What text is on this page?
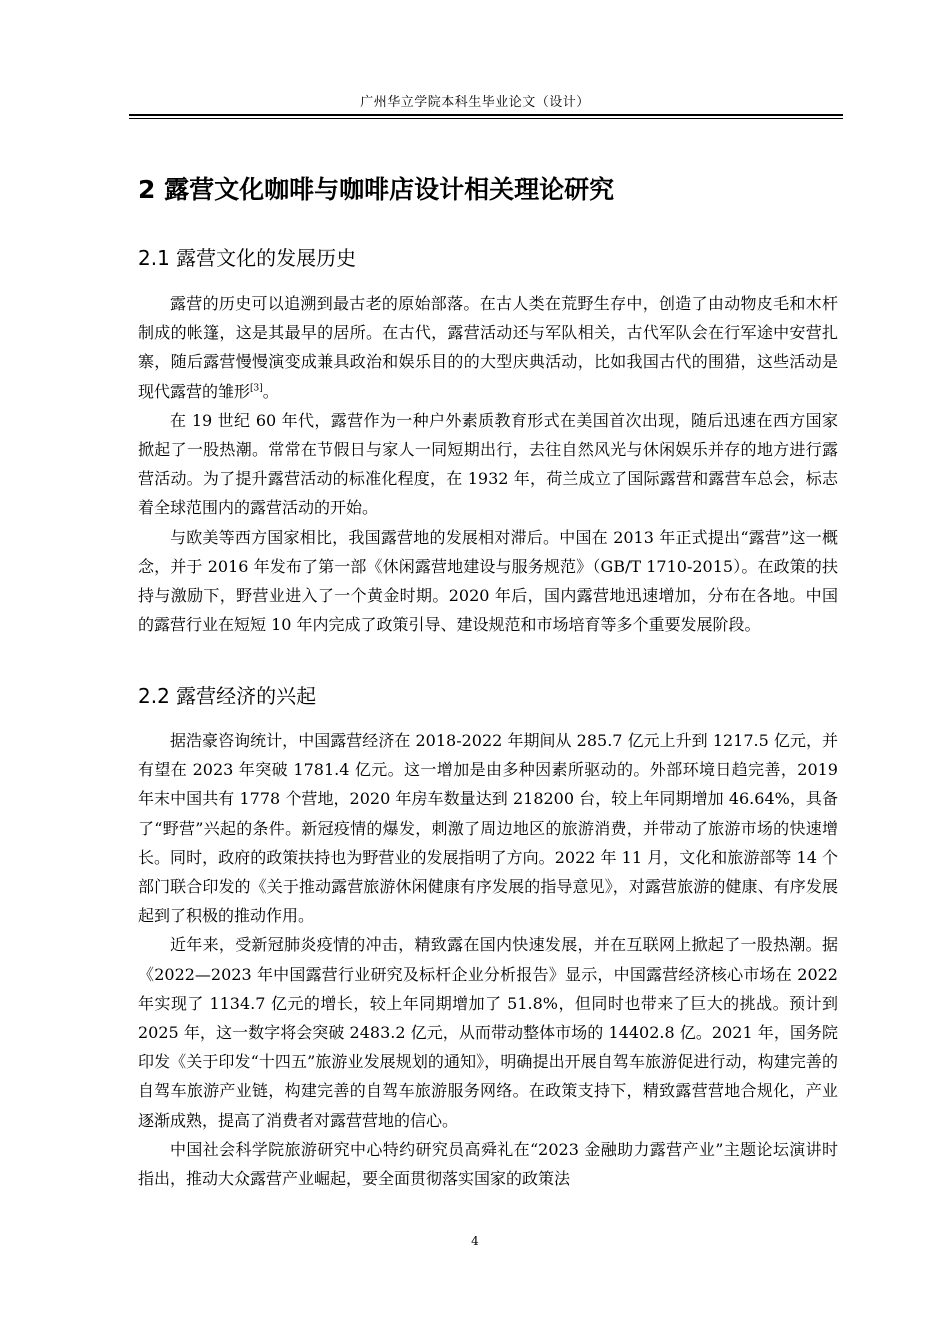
广州华立学院本科生毕业论文（设计）
2 露营文化咖啡与咖啡店设计相关理论研究
2.1 露营文化的发展历史

露营的历史可以追溯到最古老的原始部落。在古人类在荒野生存中，创造了由动物皮毛和木杆制成的帐篷，这是其最早的居所。在古代，露营活动还与军队相关，古代军队会在行军途中安营扎寨，随后露营慢慢演变成兼具政治和娱乐目的的大型庆典活动，比如我国古代的围猎，这些活动是现代露营的雏形[3]。

在 19 世纪 60 年代，露营作为一种户外素质教育形式在美国首次出现，随后迅速在西方国家掀起了一股热潮。常常在节假日与家人一同短期出行，去往自然风光与休闲娱乐并存的地方进行露营活动。为了提升露营活动的标准化程度，在 1932 年，荷兰成立了国际露营和露营车总会，标志着全球范围内的露营活动的开始。

与欧美等西方国家相比，我国露营地的发展相对滞后。中国在 2013 年正式提出“露营”这一概念，并于 2016 年发布了第一部《休闲露营地建设与服务规范》（GB/T 1710-2015）。在政策的扶持与激励下，野营业进入了一个黄金时期。2020 年后，国内露营地迅速增加，分布在各地。中国的露营行业在短短 10 年内完成了政策引导、建设规范和市场培育等多个重要发展阶段。

2.2 露营经济的兴起

据浩豪咨询统计，中国露营经济在 2018-2022 年期间从 285.7 亿元上升到 1217.5 亿元，并有望在 2023 年突破 1781.4 亿元。这一增加是由多种因素所驱动的。外部环境日趋完善，2019 年末中国共有 1778 个营地，2020 年房车数量达到 218200 台，较上年同期增加 46.64%，具备了“野营”兴起的条件。新冠疫情的爆发，刺激了周边地区的旅游消费，并带动了旅游市场的快速增长。同时，政府的政策扶持也为野营业的发展指明了方向。2022 年 11 月，文化和旅游部等 14 个部门联合印发的《关于推动露营旅游休闲健康有序发展的指导意见》，对露营旅游的健康、有序发展起到了积极的推动作用。

近年来，受新冠肺炎疫情的冲击，精致露在国内快速发展，并在互联网上掀起了一股热潮。据《2022—2023 年中国露营行业研究及标杆企业分析报告》显示，中国露营经济核心市场在 2022 年实现了 1134.7 亿元的增长，较上年同期增加了 51.8%，但同时也带来了巨大的挑战。预计到 2025 年，这一数字将会突破 2483.2 亿元，从而带动整体市场的 14402.8 亿。2021 年，国务院印发《关于印发“十四五”旅游业发展规划的通知》，明确提出开展自驾车旅游促进行动，构建完善的自驾车旅游产业链，构建完善的自驾车旅游服务网络。在政策支持下，精致露营营地合规化，产业逐渐成熟，提高了消费者对露营营地的信心。

中国社会科学院旅游研究中心特约研究员高舜礼在“2023 金融助力露营产业”主题论坛演讲时指出，推动大众露营产业崛起，要全面贯彻落实国家的政策法

4
